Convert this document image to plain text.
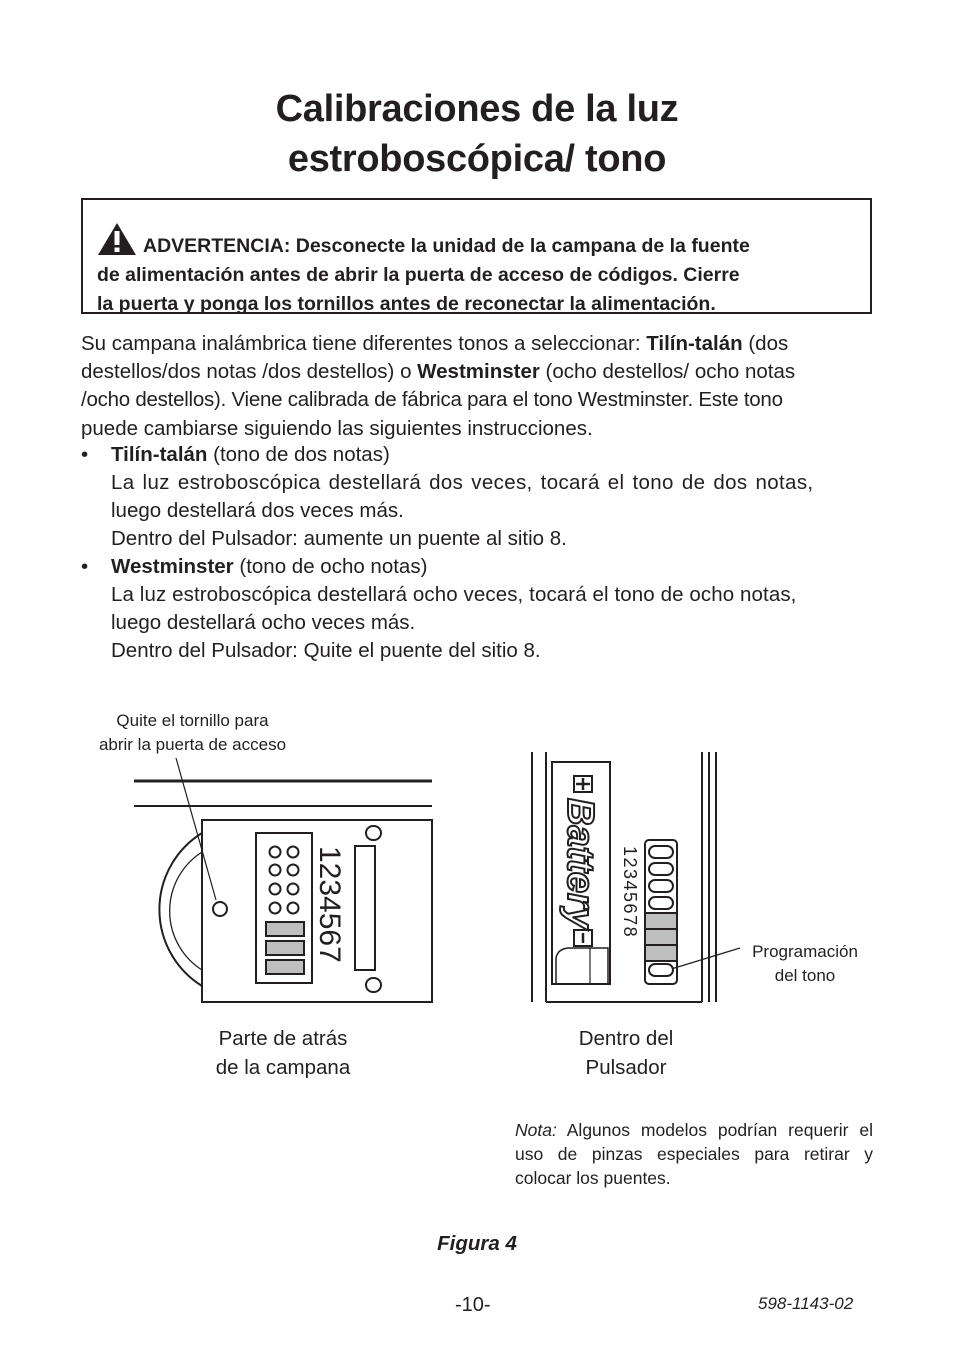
Calibraciones de la luz
estroboscópica/ tono
ADVERTENCIA: Desconecte la unidad de la campana de la fuente
de alimentación antes de abrir la puerta de acceso de códigos. Cierre
la puerta y ponga los tornillos antes de reconectar la alimentación.
Su campana inalámbrica tiene diferentes tonos a seleccionar: Tilín-talán (dos
destellos/dos notas /dos destellos) o Westminster (ocho destellos/ ocho notas
/ocho destellos). Viene calibrada de fábrica para el tono Westminster. Este tono
puede cambiarse siguiendo las siguientes instrucciones.
• Tilín-talán (tono de dos notas)
La luz estroboscópica destellará dos veces, tocará el tono de dos notas,
luego destellará dos veces más.
Dentro del Pulsador: aumente un puente al sitio 8.
• Westminster (tono de ocho notas)
La luz estroboscópica destellará ocho veces, tocará el tono de ocho notas,
luego destellará ocho veces más.
Dentro del Pulsador: Quite el puente del sitio 8.
1234567	Battery 12345678
Quite el tornillo para
abrir la puerta de acceso
Programación
del tono
Parte de atrás
de la campana
Dentro del
Pulsador
Nota: Algunos modelos podrían requerir el uso de pinzas especiales para retirar y colocar los puentes.
Figura 4
-10-	598-1143-02
